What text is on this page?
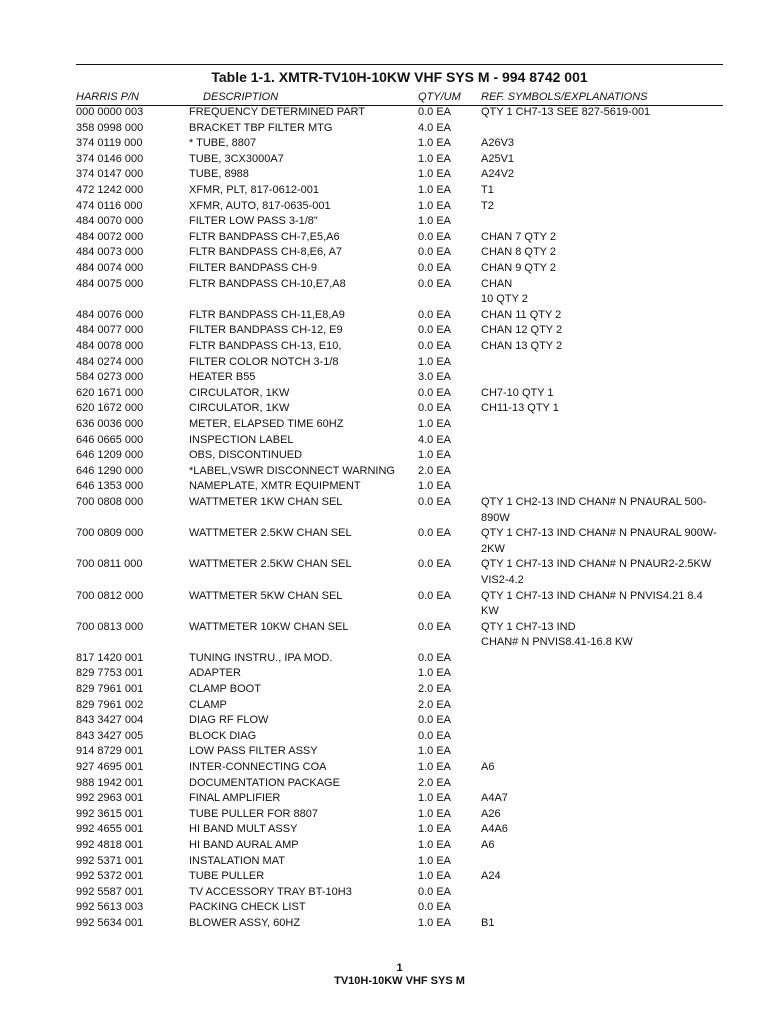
Table 1-1. XMTR-TV10H-10KW VHF SYS M - 994 8742 001
HARRIS P/N	DESCRIPTION	QTY/UM	REF. SYMBOLS/EXPLANATIONS
000 0000 003	FREQUENCY DETERMINED PART	0.0 EA	QTY 1 CH7-13 SEE 827-5619-001
358 0998 000	BRACKET TBP FILTER MTG	4.0 EA	
374 0119 000	* TUBE, 8807	1.0 EA	A26V3
374 0146 000	TUBE, 3CX3000A7	1.0 EA	A25V1
374 0147 000	TUBE, 8988	1.0 EA	A24V2
472 1242 000	XFMR, PLT, 817-0612-001	1.0 EA	T1
474 0116 000	XFMR, AUTO, 817-0635-001	1.0 EA	T2
484 0070 000	FILTER LOW PASS 3-1/8"	1.0 EA	
484 0072 000	FLTR BANDPASS CH-7,E5,A6	0.0 EA	CHAN 7 QTY 2
484 0073 000	FLTR BANDPASS CH-8,E6, A7	0.0 EA	CHAN 8 QTY 2
484 0074 000	FILTER BANDPASS CH-9	0.0 EA	CHAN 9 QTY 2
484 0075 000	FLTR BANDPASS CH-10,E7,A8	0.0 EA	CHAN
10 QTY 2

484 0076 000	FLTR BANDPASS CH-11,E8,A9	0.0 EA	CHAN 11 QTY 2
484 0077 000	FILTER BANDPASS CH-12, E9	0.0 EA	CHAN 12 QTY 2
484 0078 000	FLTR BANDPASS CH-13, E10,	0.0 EA	CHAN 13 QTY 2
484 0274 000	FILTER COLOR NOTCH 3-1/8	1.0 EA	
584 0273 000	HEATER B55	3.0 EA	
620 1671 000	CIRCULATOR, 1KW	0.0 EA	CH7-10 QTY 1
620 1672 000	CIRCULATOR, 1KW	0.0 EA	CH11-13 QTY 1
636 0036 000	METER, ELAPSED TIME 60HZ	1.0 EA	
646 0665 000	INSPECTION LABEL	4.0 EA	
646 1209 000	OBS, DISCONTINUED	1.0 EA	
646 1290 000	*LABEL,VSWR DISCONNECT WARNING	2.0 EA	
646 1353 000	NAMEPLATE, XMTR EQUIPMENT	1.0 EA	
700 0808 000	WATTMETER 1KW CHAN SEL	0.0 EA	QTY 1 CH2-13 IND CHAN# N PNAURAL 500-890W

700 0809 000	WATTMETER 2.5KW CHAN SEL	0.0 EA	QTY 1 CH7-13 IND CHAN# N PNAURAL 900W-2KW

700 0811 000	WATTMETER 2.5KW CHAN SEL	0.0 EA	QTY 1 CH7-13 IND CHAN# N PNAUR2-2.5KW VIS2-4.2

700 0812 000	WATTMETER 5KW CHAN SEL	0.0 EA	QTY 1 CH7-13 IND CHAN# N PNVIS4.21 8.4 KW

700 0813 000	WATTMETER 10KW CHAN SEL	0.0 EA	QTY 1 CH7-13 IND
CHAN# N PNVIS8.41-16.8 KW

817 1420 001	TUNING INSTRU., IPA MOD.	0.0 EA	
829 7753 001	ADAPTER	1.0 EA	
829 7961 001	CLAMP BOOT	2.0 EA	
829 7961 002	CLAMP	2.0 EA	
843 3427 004	DIAG RF FLOW	0.0 EA	
843 3427 005	BLOCK DIAG	0.0 EA	
914 8729 001	LOW PASS FILTER ASSY	1.0 EA	
927 4695 001	INTER-CONNECTING COA	1.0 EA	A6
988 1942 001	DOCUMENTATION PACKAGE	2.0 EA	
992 2963 001	FINAL AMPLIFIER	1.0 EA	A4A7
992 3615 001	TUBE PULLER FOR 8807	1.0 EA	A26
992 4655 001	HI BAND MULT ASSY	1.0 EA	A4A6
992 4818 001	HI BAND AURAL AMP	1.0 EA	A6
992 5371 001	INSTALATION MAT	1.0 EA	
992 5372 001	TUBE PULLER	1.0 EA	A24
992 5587 001	TV ACCESSORY TRAY BT-10H3	0.0 EA	
992 5613 003	PACKING CHECK LIST	0.0 EA	
992 5634 001	BLOWER ASSY, 60HZ	1.0 EA	B1
1
TV10H-10KW VHF SYS M
